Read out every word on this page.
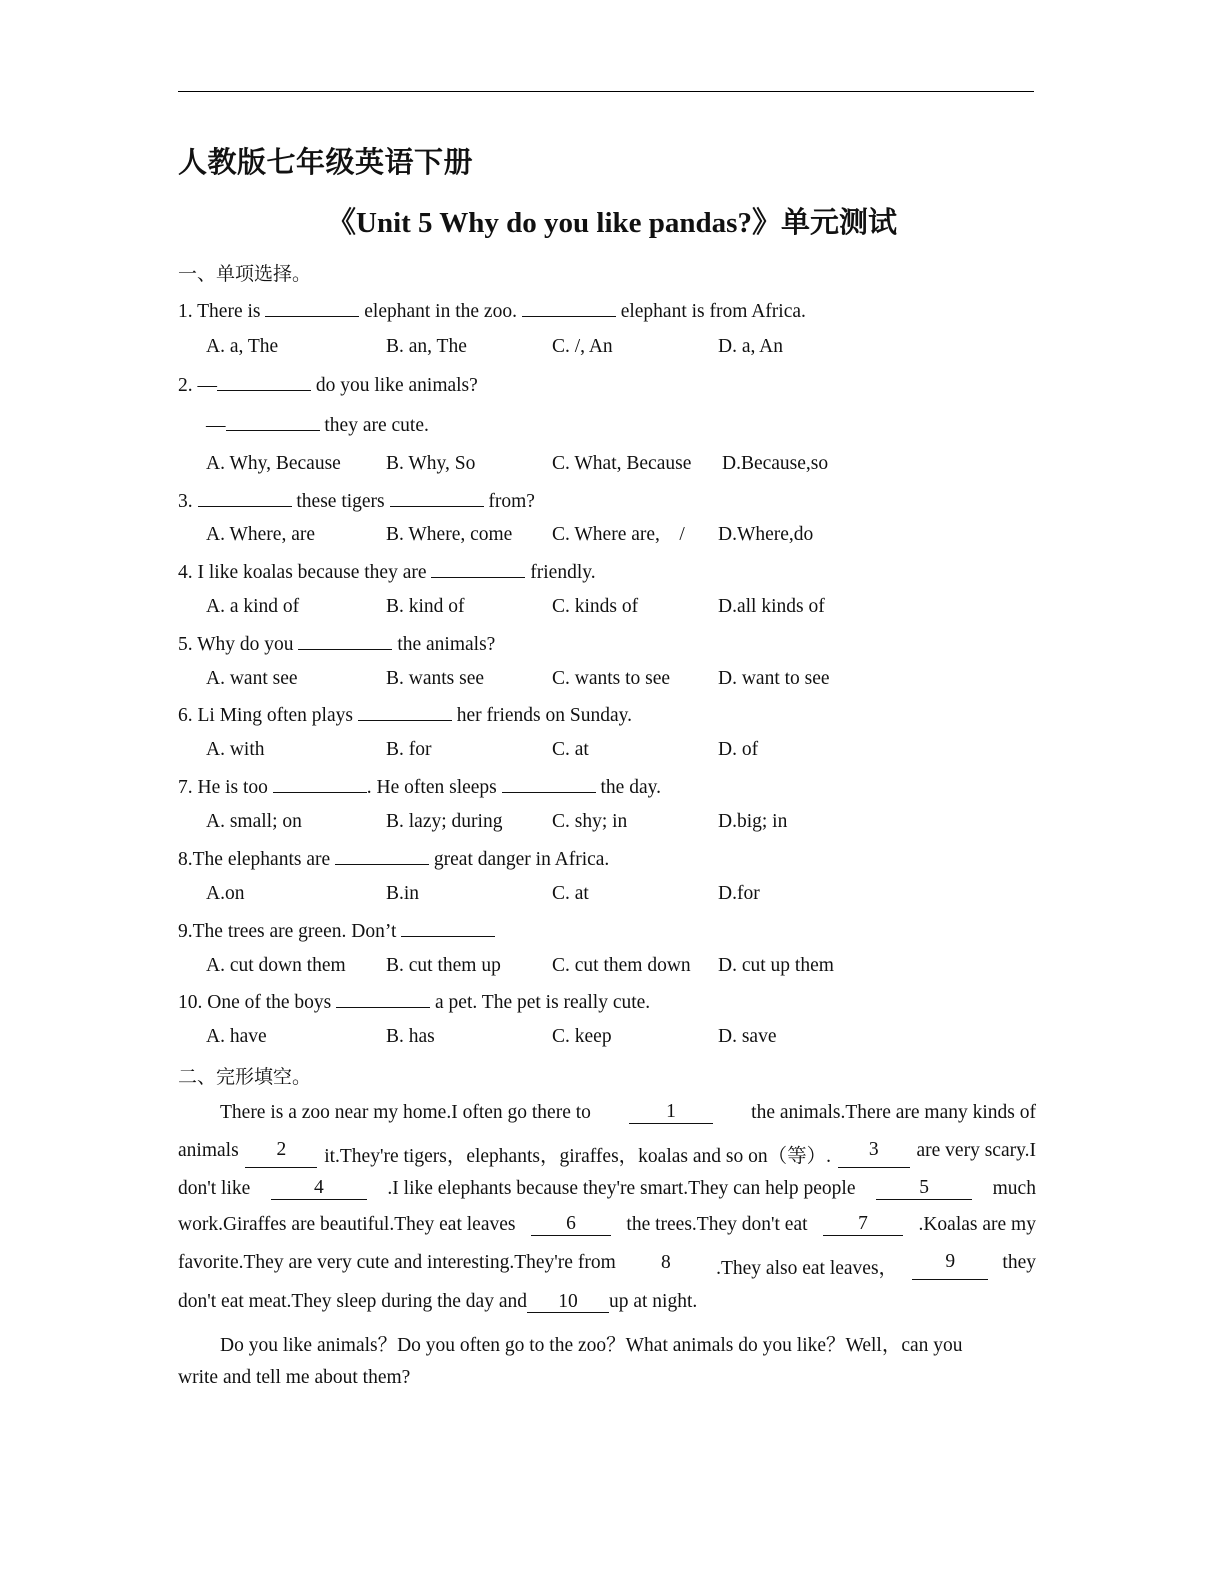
人教版七年级英语下册
《Unit 5 Why do you like pandas?》单元测试
一、单项选择。
1. There is	elephant in the zoo.	elephant is from Africa.
A. a, The	B. an, The	C. /, An	D. a, An
2. —	do you like animals?
—	they are cute.
A. Why, Because B. Why, So	C. What, Because D.Because,so
3.	these tigers	from?
A. Where, are	B. Where, come C. Where are,    / D.Where,do
4. I like koalas because they are	friendly.
A. a kind of	B. kind of	C. kinds of	D.all kinds of
5. Why do you	the animals?
A. want see	B. wants see	C. wants to see D. want to see
6. Li Ming often plays	her friends on Sunday.
A. with	B. for	C. at	D. of
7. He is too	. He often sleeps	the day.
A. small; on	B. lazy; during	C. shy; in	D.big; in
8.The elephants are	great danger in Africa.
A.on	B.in	C. at	D.for
9.The trees are green. Don’t
A. cut down them B. cut them up	C. cut them down D. cut up them
10. One of the boys	a pet. The pet is really cute.
A. have	B. has	C. keep	D. save
二、完形填空。
There is a zoo near my home.I often go there to	1	the animals.There are many kinds of
animals	2	it.They're tigers，elephants，giraffes，koalas and so on（等）.	3	are very scary.I
don't like	4	.I like elephants because they're smart.They can help people	5	much
work.Giraffes are beautiful.They eat leaves	6	the trees.They don't eat	7	.Koalas are my
favorite.They are very cute and interesting.They're from	8	.They also eat leaves，	9	they
don't eat meat.They sleep during the day and 10 up at night.
Do you like animals？Do you often go to the zoo？What animals do you like？Well，can you
write and tell me about them?
